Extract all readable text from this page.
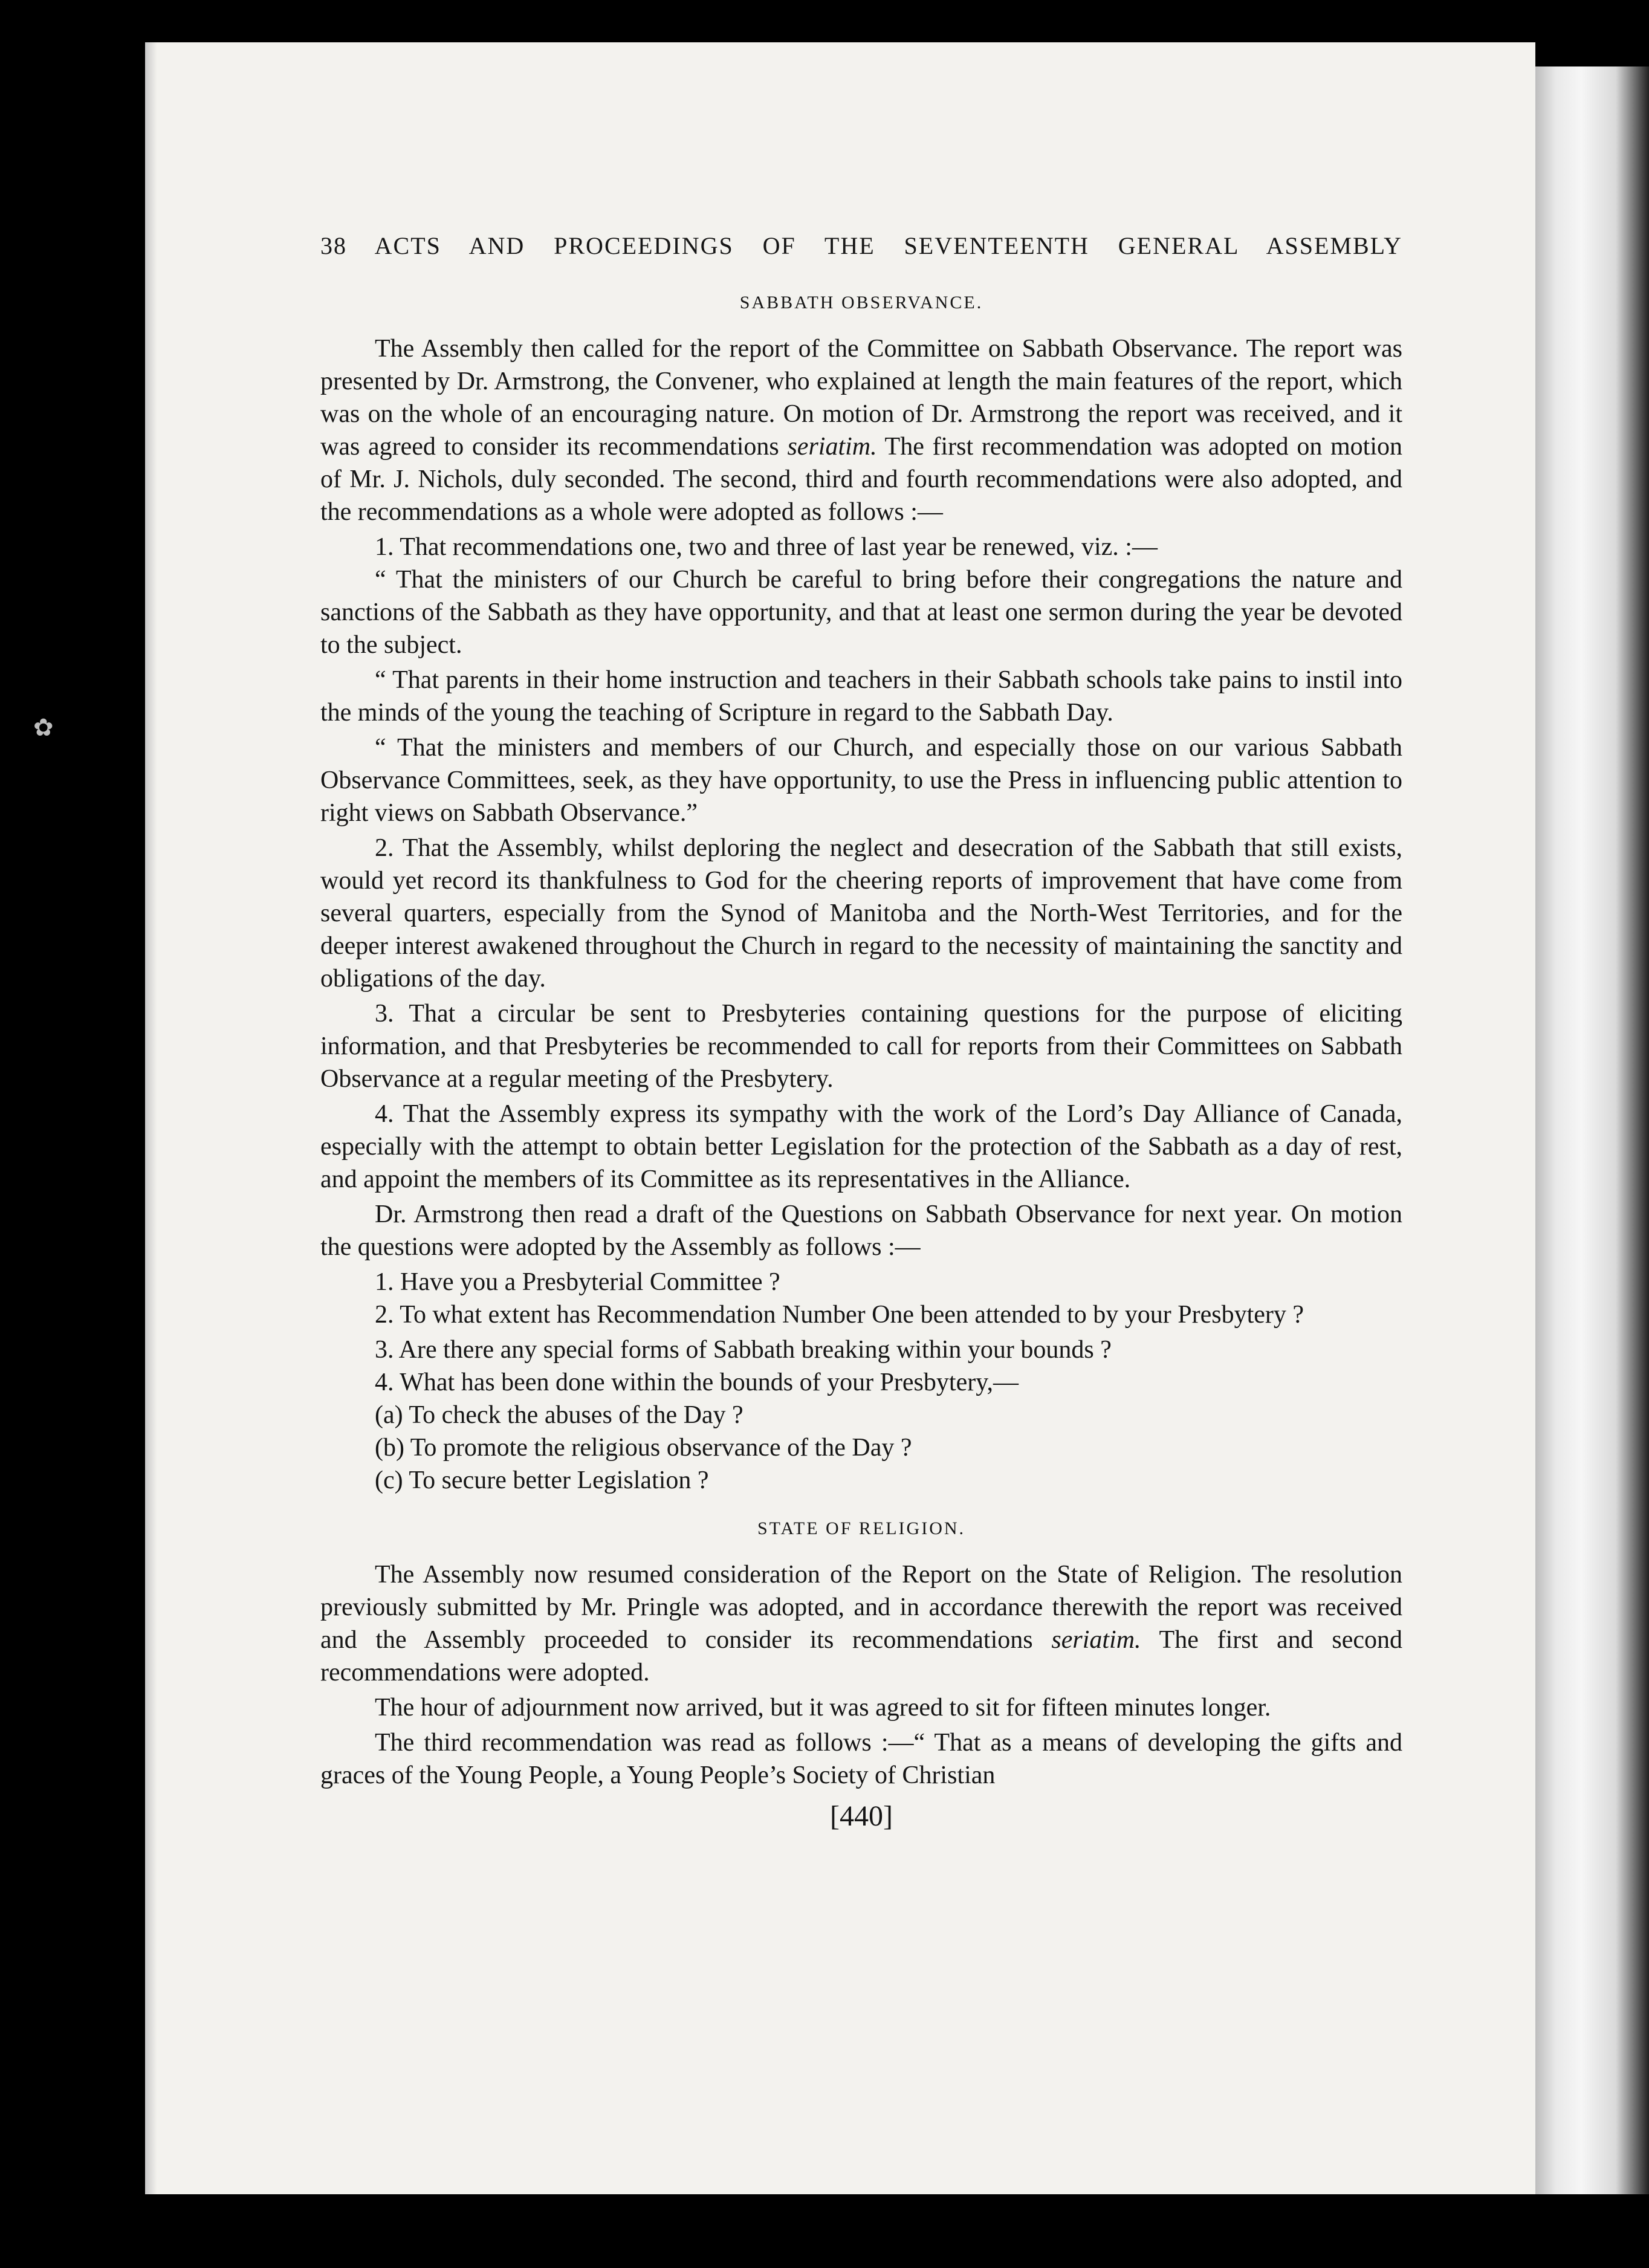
✿
38 ACTS AND PROCEEDINGS OF THE SEVENTEENTH GENERAL ASSEMBLY
SABBATH OBSERVANCE.

The Assembly then called for the report of the Committee on Sabbath Observance. The report was presented by Dr. Armstrong, the Convener, who explained at length the main features of the report, which was on the whole of an encouraging nature. On motion of Dr. Armstrong the report was received, and it was agreed to consider its recommendations seriatim. The first recommendation was adopted on motion of Mr. J. Nichols, duly seconded. The second, third and fourth recommendations were also adopted, and the recommendations as a whole were adopted as follows :—

1. That recommendations one, two and three of last year be renewed, viz. :—

“ That the ministers of our Church be careful to bring before their congregations the nature and sanctions of the Sabbath as they have opportunity, and that at least one sermon during the year be devoted to the subject.

“ That parents in their home instruction and teachers in their Sabbath schools take pains to instil into the minds of the young the teaching of Scripture in regard to the Sabbath Day.

“ That the ministers and members of our Church, and especially those on our various Sabbath Observance Committees, seek, as they have opportunity, to use the Press in influencing public attention to right views on Sabbath Observance.”

2. That the Assembly, whilst deploring the neglect and desecration of the Sabbath that still exists, would yet record its thankfulness to God for the cheering reports of improvement that have come from several quarters, especially from the Synod of Manitoba and the North-West Territories, and for the deeper interest awakened throughout the Church in regard to the necessity of maintaining the sanctity and obligations of the day.

3. That a circular be sent to Presbyteries containing questions for the purpose of eliciting information, and that Presbyteries be recommended to call for reports from their Committees on Sabbath Observance at a regular meeting of the Presbytery.

4. That the Assembly express its sympathy with the work of the Lord’s Day Alliance of Canada, especially with the attempt to obtain better Legislation for the protection of the Sabbath as a day of rest, and appoint the members of its Committee as its representatives in the Alliance.

Dr. Armstrong then read a draft of the Questions on Sabbath Observance for next year. On motion the questions were adopted by the Assembly as follows :—

1. Have you a Presbyterial Committee ?

2. To what extent has Recommendation Number One been attended to by your Presbytery ?

3. Are there any special forms of Sabbath breaking within your bounds ?

4. What has been done within the bounds of your Presbytery,—

(a) To check the abuses of the Day ?

(b) To promote the religious observance of the Day ?

(c) To secure better Legislation ?

STATE OF RELIGION.

The Assembly now resumed consideration of the Report on the State of Religion. The resolution previously submitted by Mr. Pringle was adopted, and in accordance therewith the report was received and the Assembly proceeded to consider its recommendations seriatim. The first and second recommendations were adopted.

The hour of adjournment now arrived, but it was agreed to sit for fifteen minutes longer.

The third recommendation was read as follows :—“ That as a means of developing the gifts and graces of the Young People, a Young People’s Society of Christian

[440]
